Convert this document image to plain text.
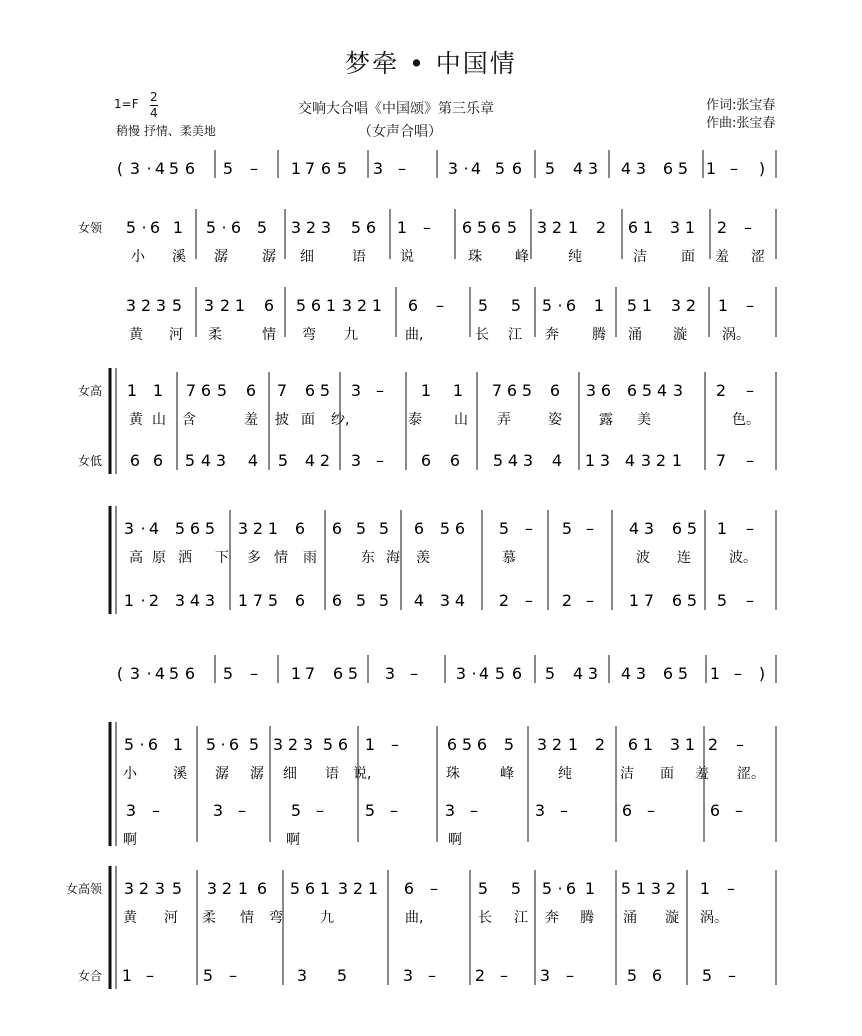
梦牵 • 中国情
1=F 2
4
稍慢 抒情、柔美地
交响大合唱《中国颂》第三乐章
（女声合唱）
作词:张宝春
作曲:张宝春
( 3 · 4 5 6 5 – 1 7 6 5 3 –	3 · 4 5 6 5 4 3 4 3 6 5 1 – )
女领 5 · 6 1 5 · 6 5 3 2 3 5 6 1 – 6 5 6 5 3 2 1 2 6 1 3 1 2 –
小 溪 潺 潺 细	语 说	珠 峰	纯	洁 面 羞 涩
3 2 3 5 3 2 1 6 5 6 1 3 2 1 6 – 5 5 5 · 6 1 5 1 3 2 1 –
黄 河 柔	情 弯 九	曲,	长 江 奔 腾 涌 漩	涡。
女高 1 1 7 6 5 6 7 6 5 3 – 1 1 7 6 5 6 3 6 6 5 4 3 2 –
黄 山 含	羞 披 面 纱,	泰 山 弄	姿	露 美	色。
女低 6 6 5 4 3 4 5 4 2 3 – 6 6 5 4 3 4 1 3 4 3 2 1 7 –
3 · 4 5 6 5 3 2 1 6 6 5 5 6 5 6 5 – 5 – 4 3 6 5 1 –
高 原 洒 下 多 情 雨	东 海 羡	慕	波 连	波。
1 · 2 3 4 3 1 7 5 6 6 5 5 4 3 4 2 – 2 – 1 7 6 5 5 –
( 3 · 4 5 6 5 – 1 7 6 5 3 – 3 · 4 5 6 5 4 3 4 3 6 5 1 – )
5 · 6 1 5 · 6 5 3 2 3 5 6 1 –	6 5 6 5 3 2 1 2 6 1 3 1 2 –
小	溪 潺 潺 细 语 说,	珠	峰	纯	洁 面 羞 涩。
3 –	3 –	5 –	5 –	3 –	3 –	6 –	6 –
啊	啊	啊
女高领 3 2 3 5 3 2 1 6 5 6 1 3 2 1 6 – 5 5 5 · 6 1 5 1 3 2 1 –
黄 河 柔 情 弯	九	曲,	长 江 奔 腾 涌 漩 涡。
女合 1 –	5 –	3 5	3 – 2 – 3 –	5 6 5 –
